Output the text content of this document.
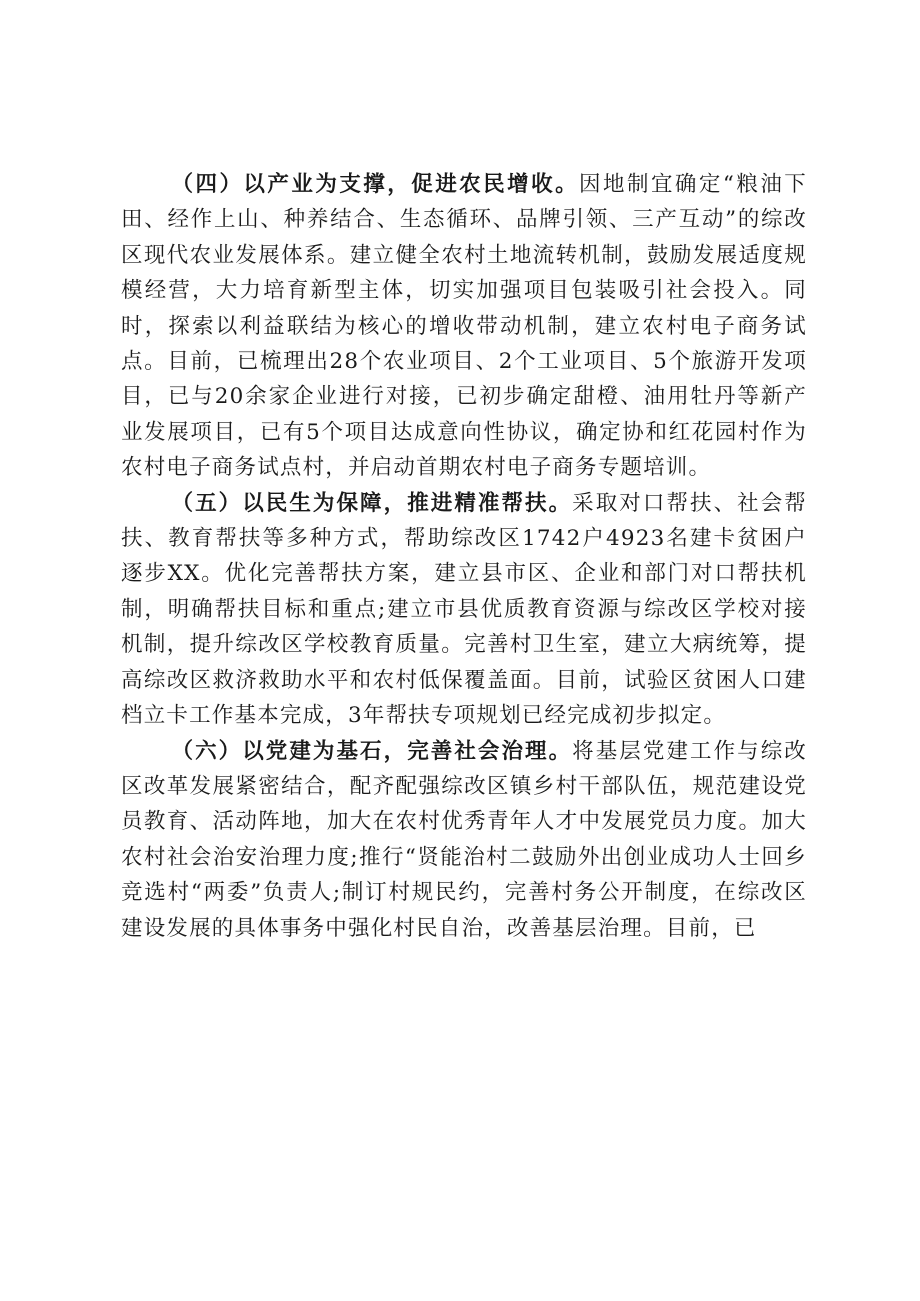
（四）以产业为支撑，促进农民增收。因地制宜确定“粮油下田、经作上山、种养结合、生态循环、品牌引领、三产互动”的综改区现代农业发展体系。建立健全农村土地流转机制，鼓励发展适度规模经营，大力培育新型主体，切实加强项目包装吸引社会投入。同时，探索以利益联结为核心的增收带动机制，建立农村电子商务试点。目前，已梳理出28个农业项目、2个工业项目、5个旅游开发项目，已与20余家企业进行对接，已初步确定甜橙、油用牡丹等新产业发展项目，已有5个项目达成意向性协议，确定协和红花园村作为农村电子商务试点村，并启动首期农村电子商务专题培训。

（五）以民生为保障，推进精准帮扶。采取对口帮扶、社会帮扶、教育帮扶等多种方式，帮助综改区1742户4923名建卡贫困户逐步XX。优化完善帮扶方案，建立县市区、企业和部门对口帮扶机制，明确帮扶目标和重点;建立市县优质教育资源与综改区学校对接机制，提升综改区学校教育质量。完善村卫生室，建立大病统筹，提高综改区救济救助水平和农村低保覆盖面。目前，试验区贫困人口建档立卡工作基本完成，3年帮扶专项规划已经完成初步拟定。

（六）以党建为基石，完善社会治理。将基层党建工作与综改区改革发展紧密结合，配齐配强综改区镇乡村干部队伍，规范建设党员教育、活动阵地，加大在农村优秀青年人才中发展党员力度。加大农村社会治安治理力度;推行“贤能治村二鼓励外出创业成功人士回乡竞选村“两委”负责人;制订村规民约，完善村务公开制度，在综改区建设发展的具体事务中强化村民自治，改善基层治理。目前，已
